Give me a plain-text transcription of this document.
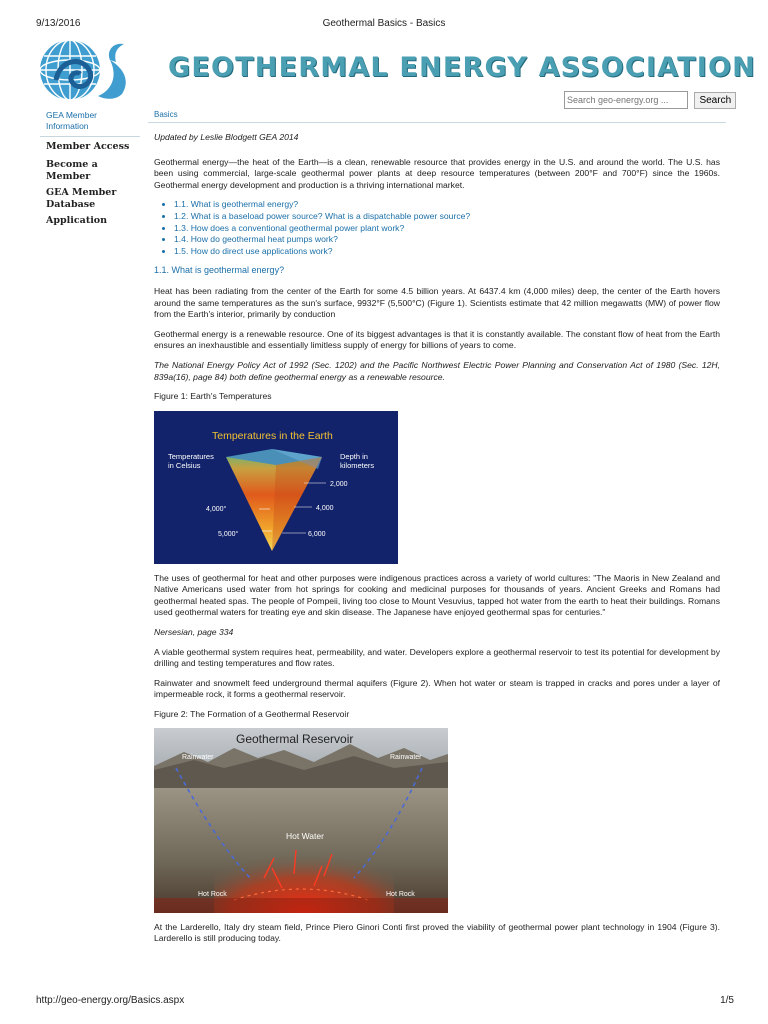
9/13/2016	Geothermal Basics - Basics
GEOTHERMAL ENERGY ASSOCIATION
Search geo-energy.org ... Search
GEA Member Information
Member Access
Become a Member
GEA Member Database
Application
Basics

Updated by Leslie Blodgett GEA 2014

Geothermal energy—the heat of the Earth—is a clean, renewable resource that provides energy in the U.S. and around the world. The U.S. has been using commercial, large-scale geothermal power plants at deep resource temperatures (between 200°F and 700°F) since the 1960s. Geothermal energy development and production is a thriving international market.

• 1.1. What is geothermal energy?
• 1.2. What is a baseload power source? What is a dispatchable power source?
• 1.3. How does a conventional geothermal power plant work?
• 1.4. How do geothermal heat pumps work?
• 1.5. How do direct use applications work?

1.1. What is geothermal energy?

Heat has been radiating from the center of the Earth for some 4.5 billion years. At 6437.4 km (4,000 miles) deep, the center of the Earth hovers around the same temperatures as the sun's surface, 9932°F (5,500°C) (Figure 1). Scientists estimate that 42 million megawatts (MW) of power flow from the Earth's interior, primarily by conduction

Geothermal energy is a renewable resource. One of its biggest advantages is that it is constantly available. The constant flow of heat from the Earth ensures an inexhaustible and essentially limitless supply of energy for billions of years to come.

The National Energy Policy Act of 1992 (Sec. 1202) and the Pacific Northwest Electric Power Planning and Conservation Act of 1980 (Sec. 12H, 839a(16), page 84) both define geothermal energy as a renewable resource.

Figure 1: Earth's Temperatures

Temperatures in the Earth
Temperatures
in Celsius
Depth in
kilometers
4,000°
5,000°
2,000
4,000
6,000

The uses of geothermal for heat and other purposes were indigenous practices across a variety of world cultures: "The Maoris in New Zealand and Native Americans used water from hot springs for cooking and medicinal purposes for thousands of years. Ancient Greeks and Romans had geothermal heated spas. The people of Pompeii, living too close to Mount Vesuvius, tapped hot water from the earth to heat their buildings. Romans used geothermal waters for treating eye and skin disease. The Japanese have enjoyed geothermal spas for centuries."

Nersesian, page 334

A viable geothermal system requires heat, permeability, and water. Developers explore a geothermal reservoir to test its potential for development by drilling and testing temperatures and flow rates.

Rainwater and snowmelt feed underground thermal aquifers (Figure 2). When hot water or steam is trapped in cracks and pores under a layer of impermeable rock, it forms a geothermal reservoir.

Figure 2: The Formation of a Geothermal Reservoir

Geothermal Reservoir
Rainwater	Rainwater
Hot Water
Hot Rock	Hot Rock

At the Larderello, Italy dry steam field, Prince Piero Ginori Conti first proved the viability of geothermal power plant technology in 1904 (Figure 3). Larderello is still producing today.

http://geo-energy.org/Basics.aspx	1/5
